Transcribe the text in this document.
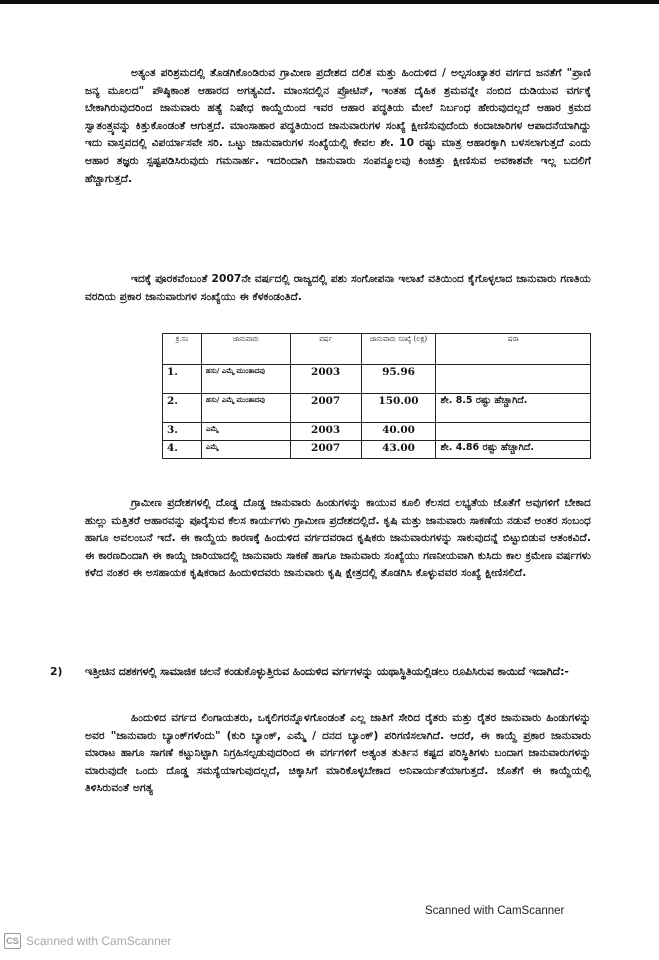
ಅತ್ಯಂತ ಪರಿಶ್ರಮದಲ್ಲಿ ತೊಡಗಿಕೊಂಡಿರುವ ಗ್ರಾಮೀಣ ಪ್ರದೇಶದ ದಲಿತ ಮತ್ತು ಹಿಂದುಳಿದ / ಅಲ್ಪಸಂಖ್ಯಾತರ ವರ್ಗದ ಜನತೆಗೆ "ಪ್ರಾಣಿ ಜನ್ಯ ಮೂಲದ" ಪೌಷ್ಠಿಕಾಂಶ ಆಹಾರದ ಅಗತ್ಯವಿದೆ. ಮಾಂಸದಲ್ಲಿನ ಪ್ರೋಟಿನ್, ಇಂತಹ ದೈಹಿಕ ಶ್ರಮವನ್ನೇ ನಂಬಿದ ದುಡಿಯುವ ವರ್ಗಕ್ಕೆ ಬೇಕಾಗಿರುವುದರಿಂದ ಜಾನುವಾರು ಹತ್ಯೆ ನಿಷೇಧ ಕಾಯ್ದೆಯಿಂದ ಇವರ ಆಹಾರ ಪದ್ಧತಿಯ ಮೇಲೆ ನಿರ್ಬಂಧ ಹೇರುವುದಲ್ಲದೆ ಆಹಾರ ಕ್ರಮದ ಸ್ವಾತಂತ್ರ್ಯವನ್ನು ಕಿತ್ತುಕೊಂಡಂತೆ ಆಗುತ್ತದೆ. ಮಾಂಸಾಹಾರ ಪದ್ಧತಿಯಿಂದ ಜಾನುವಾರುಗಳ ಸಂಖ್ಯೆ ಕ್ಷೀಣಿಸುವುದೆಂದು ಕಂದಾಚಾರಿಗಳ ಆಪಾದನೆಯಾಗಿದ್ದು ಇದು ವಾಸ್ತವದಲ್ಲಿ ವಿಪರ್ಯಾಸವೇ ಸರಿ. ಒಟ್ಟು ಜಾನುವಾರುಗಳ ಸಂಖ್ಯೆಯಲ್ಲಿ ಕೇವಲ ಶೇ. 10 ರಷ್ಟು ಮಾತ್ರ ಆಹಾರಕ್ಕಾಗಿ ಬಳಸಲಾಗುತ್ತದೆ ಎಂದು ಆಹಾರ ತಜ್ಞರು ಸ್ಪಷ್ಟಪಡಿಸಿರುವುದು ಗಮನಾರ್ಹ. ಇದರಿಂದಾಗಿ ಜಾನುವಾರು ಸಂಪನ್ಮೂಲವು ಕಿಂಚಿತ್ತು ಕ್ಷೀಣಿಸುವ ಅವಕಾಶವೇ ಇಲ್ಲ ಬದಲಿಗೆ ಹೆಚ್ಚಾಗುತ್ತದೆ.

ಇದಕ್ಕೆ ಪೂರಕವೆಂಬಂತೆ 2007ನೇ ವರ್ಷದಲ್ಲಿ ರಾಜ್ಯದಲ್ಲಿ ಪಶು ಸಂಗೋಪನಾ ಇಲಾಖೆ ವತಿಯಿಂದ ಕೈಗೊಳ್ಳಲಾದ ಜಾನುವಾರು ಗಣತಿಯ ವರದಿಯ ಪ್ರಕಾರ ಜಾನುವಾರುಗಳ ಸಂಖ್ಯೆಯು ಈ ಕೆಳಕಂಡಂತಿದೆ.

ಕ್ರ.ಸಂ	ಜಾನುವಾರು	ವರ್ಷ	ಜಾನುವಾರು ಸಂಖ್ಯೆ (ಲಕ್ಷ)	ಷರಾ
1.	ಹಸು/ ಎಮ್ಮೆ ಮುಂತಾದವು	2003	95.96	
2.	ಹಸು/ ಎಮ್ಮೆ ಮುಂತಾದವು	2007	150.00	ಶೇ. 8.5 ರಷ್ಟು ಹೆಚ್ಚಾಗಿದೆ.
3.	ಎಮ್ಮೆ	2003	40.00	
4.	ಎಮ್ಮೆ	2007	43.00	ಶೇ. 4.86 ರಷ್ಟು ಹೆಚ್ಚಾಗಿದೆ.

ಗ್ರಾಮೀಣ ಪ್ರದೇಶಗಳಲ್ಲಿ ದೊಡ್ಡ ದೊಡ್ಡ ಜಾನುವಾರು ಹಿಂಡುಗಳನ್ನು ಕಾಯುವ ಕೂಲಿ ಕೆಲಸದ ಲಭ್ಯತೆಯ ಜೊತೆಗೆ ಅವುಗಳಿಗೆ ಬೇಕಾದ ಹುಲ್ಲು ಮತ್ತಿತರೆ ಆಹಾರವನ್ನು ಪೂರೈಸುವ ಕೆಲಸ ಕಾರ್ಯಗಳು ಗ್ರಾಮೀಣ ಪ್ರದೇಶದಲ್ಲಿದೆ. ಕೃಷಿ ಮತ್ತು ಜಾನುವಾರು ಸಾಕಣೆಯ ನಡುವೆ ಅಂತರ ಸಂಬಂಧ ಹಾಗೂ ಅವಲಂಬನೆ ಇದೆ. ಈ ಕಾಯ್ದೆಯ ಕಾರಣಕ್ಕೆ ಹಿಂದುಳಿದ ವರ್ಗದವರಾದ ಕೃಷಿಕರು ಜಾನುವಾರುಗಳನ್ನು ಸಾಕುವುದನ್ನೆ ಬಿಟ್ಟುಬಿಡುವ ಆತಂಕವಿದೆ. ಈ ಕಾರಣದಿಂದಾಗಿ ಈ ಕಾಯ್ದೆ ಜಾರಿಯಾದಲ್ಲಿ ಜಾನುವಾರು ಸಾಕಣೆ ಹಾಗೂ ಜಾನುವಾರು ಸಂಖ್ಯೆಯು ಗಣನೀಯವಾಗಿ ಕುಸಿದು ಕಾಲ ಕ್ರಮೇಣ ವರ್ಷಗಳು ಕಳೆದ ನಂತರ ಈ ಅಸಹಾಯಕ ಕೃಷಿಕರಾದ ಹಿಂದುಳಿದವರು ಜಾನುವಾರು ಕೃಷಿ ಕ್ಷೇತ್ರದಲ್ಲಿ ತೊಡಗಿಸಿ ಕೊಳ್ಳುವವರ ಸಂಖ್ಯೆ ಕ್ಷೀಣಿಸಲಿದೆ.

2)	ಇತ್ತೀಚಿನ ದಶಕಗಳಲ್ಲಿ ಸಾಮಾಜಿಕ ಚಲನೆ ಕಂಡುಕೊಳ್ಳುತ್ತಿರುವ ಹಿಂದುಳಿದ ವರ್ಗಗಳನ್ನು ಯಥಾಸ್ಥಿತಿಯಲ್ಲಿಡಲು ರೂಪಿಸಿರುವ ಕಾಯಿದೆ ಇದಾಗಿದೆ:-

ಹಿಂದುಳಿದ ವರ್ಗದ ಲಿಂಗಾಯತರು, ಒಕ್ಕಲಿಗರನ್ನೊಳಗೊಂಡಂತೆ ಎಲ್ಲ ಜಾತಿಗೆ ಸೇರಿದ ರೈತರು ಮತ್ತು ರೈತರ ಜಾನುವಾರು ಹಿಂಡುಗಳನ್ನು ಅವರ "ಜಾನುವಾರು ಬ್ಯಾಂಕ್‌ಗಳೆಂದು" (ಕುರಿ ಬ್ಯಾಂಕ್, ಎಮ್ಮೆ / ದನದ ಬ್ಯಾಂಕ್) ಪರಿಗಣಿಸಲಾಗಿದೆ. ಆದರೆ, ಈ ಕಾಯ್ದೆ ಪ್ರಕಾರ ಜಾನುವಾರು ಮಾರಾಟ ಹಾಗೂ ಸಾಗಣೆ ಕಟ್ಟುನಿಟ್ಟಾಗಿ ನಿಗ್ರಹಿಸಲ್ಪಡುವುದರಿಂದ ಈ ವರ್ಗಗಳಿಗೆ ಅತ್ಯಂತ ತುರ್ತಿನ ಕಷ್ಟದ ಪರಿಸ್ಥಿತಿಗಳು ಬಂದಾಗ ಜಾನುವಾರುಗಳನ್ನು ಮಾರುವುದೇ ಒಂದು ದೊಡ್ಡ ಸಮಸ್ಯೆಯಾಗುವುದಲ್ಲದೆ, ಚಿಕ್ಕಾಸಿಗೆ ಮಾರಿಕೊಳ್ಳಬೇಕಾದ ಅನಿವಾರ್ಯತೆಯಾಗುತ್ತದೆ. ಜೊತೆಗೆ ಈ ಕಾಯ್ದೆಯಲ್ಲಿ ತಿಳಿಸಿರುವಂತೆ ಅಗತ್ಯ

Scanned with CamScanner
CS Scanned with CamScanner
